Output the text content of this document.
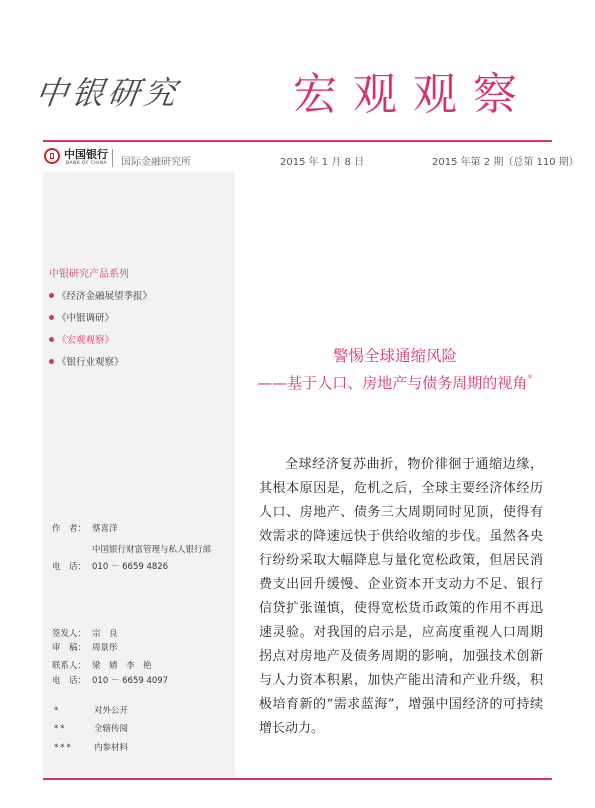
中银研究	宏观观察
中国银行
BANK OF CHINA 国际金融研究所	2015 年 1 月 8 日	2015 年第 2 期（总第 110 期）
中银研究产品系列
《经济金融展望季报》
《中银调研》
《宏观观察》
《银行业观察》
作　者： 蔡喜洋
中国银行财富管理与私人银行部
电　话： 010 － 6659 4826
签发人： 宗　良
审　稿： 周景彤
联系人： 梁　婧　李　艳
电　话： 010 － 6659 4097
*	对外公开
**	全辖传阅
***	内参材料
警惕全球通缩风险
——基于人口、房地产与债务周期的视角*
全球经济复苏曲折，物价徘徊于通缩边缘，其根本原因是，危机之后，全球主要经济体经历人口、房地产、债务三大周期同时见顶，使得有效需求的降速远快于供给收缩的步伐。虽然各央行纷纷采取大幅降息与量化宽松政策，但居民消费支出回升缓慢、企业资本开支动力不足、银行信贷扩张谨慎，使得宽松货币政策的作用不再迅速灵验。对我国的启示是，应高度重视人口周期拐点对房地产及债务周期的影响，加强技术创新与人力资本积累，加快产能出清和产业升级，积极培育新的“需求蓝海”，增强中国经济的可持续增长动力。
